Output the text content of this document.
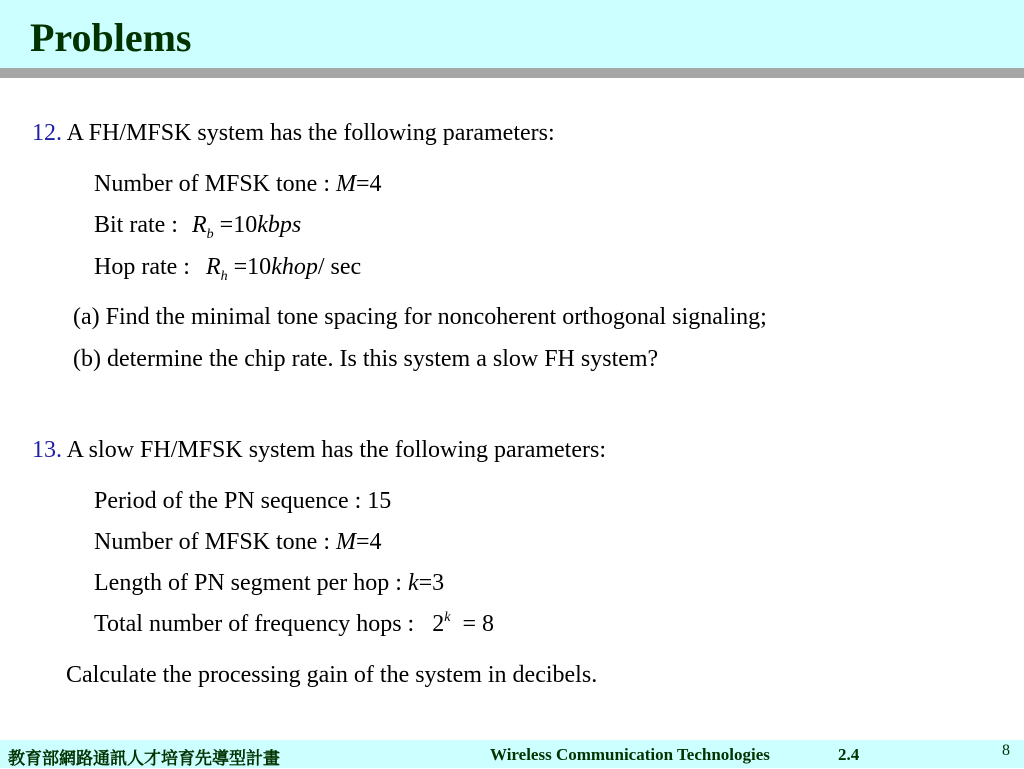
Problems
12. A FH/MFSK system has the following parameters:
Number of MFSK tone : M=4
Bit rate : $R_b$ =10kbps
Hop rate : $R_h$ =10khop/ sec
(a) Find the minimal tone spacing for noncoherent orthogonal signaling;
(b) determine the chip rate. Is this system a slow FH system?
13. A slow FH/MFSK system has the following parameters:
Period of the PN sequence : 15
Number of MFSK tone : M=4
Length of PN segment per hop : k=3
Total number of frequency hops : 2$^k$  = 8
Calculate the processing gain of the system in decibels.
教育部網路通訊人才培育先導型計畫	Wireless Communication Technologies	2.4	8
